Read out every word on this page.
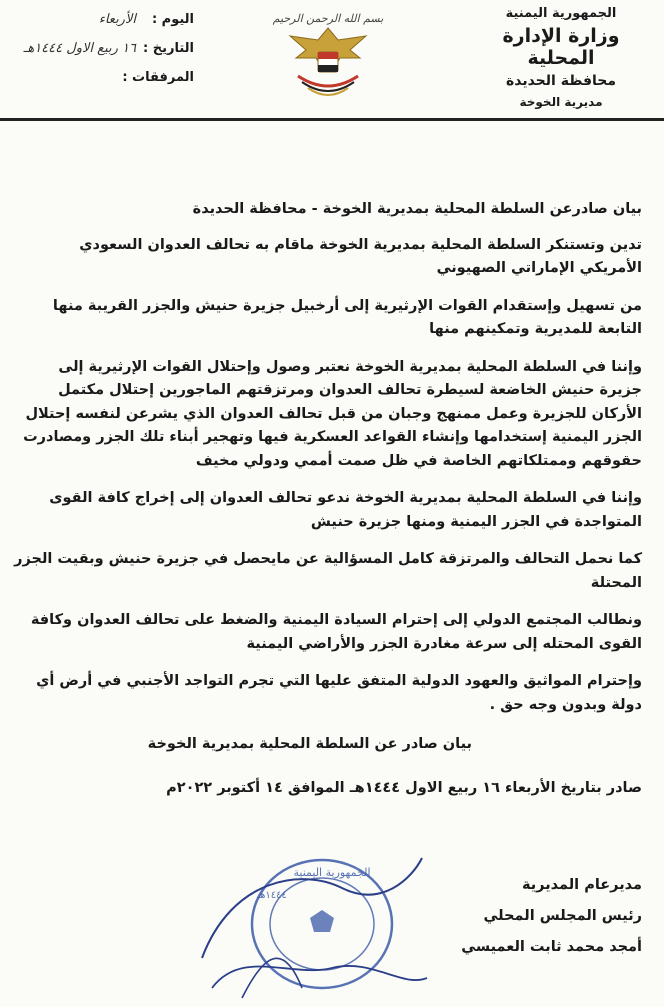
الجمهورية اليمنية
وزارة الإدارة المحلية
محافظة الحديدة
مديرية الخوخة
بسم الله الرحمن الرحيم
اليوم :
الأربعاء
التاريخ :
١٦ ربيع الاول ١٤٤٤هـ
المرفقات :

بيان صادرعن السلطة المحلية بمديرية الخوخة - محافظة الحديدة

تدين وتستنكر السلطة المحلية بمديرية الخوخة ماقام به تحالف العدوان السعودي الأمريكي الإماراتي الصهيوني

من تسهيل وإستقدام القوات الإرثيرية إلى أرخبيل جزيرة حنيش والجزر القريبة منها التابعة للمديرية وتمكينهم منها

وإننا في السلطة المحلية بمديرية الخوخة نعتبر وصول وإحتلال القوات الإرثيرية إلى جزيرة حنيش الخاضعة لسيطرة تحالف العدوان ومرتزقتهم الماجورين إحتلال مكتمل الأركان للجزيرة وعمل ممنهج وجبان من قبل تحالف العدوان الذي يشرعن لنفسه إحتلال الجزر اليمنية إستخدامها وإنشاء القواعد العسكرية فيها وتهجير أبناء تلك الجزر ومصادرت حقوقهم وممتلكاتهم الخاصة في ظل صمت أممي ودولي مخيف

وإننا في السلطة المحلية بمديرية الخوخة ندعو تحالف العدوان إلى إخراج كافة القوى المتواجدة في الجزر اليمنية ومنها جزيرة حنيش

كما نحمل التحالف والمرتزقة كامل المسؤالية عن مايحصل في جزيرة حنيش وبقيت الجزر المحتلة

ونطالب المجتمع الدولي إلى إحترام السيادة اليمنية والضغط على تحالف العدوان وكافة القوى المحتله إلى سرعة مغادرة الجزر والأراضي اليمنية

وإحترام المواثيق والعهود الدولية المتفق عليها التي تجرم التواجد الأجنبي في أرض أي دولة وبدون وجه حق .

بيان صادر عن السلطة المحلية بمديرية الخوخة

صادر بتاريخ الأربعاء ١٦ ربيع الاول ١٤٤٤هـ الموافق ١٤ أكتوبر ٢٠٢٢م

الجمهورية اليمنية
١٤٤٤هـ
مديرعام المديرية
رئيس المجلس المحلي
أمجد محمد ثابت العميسي
